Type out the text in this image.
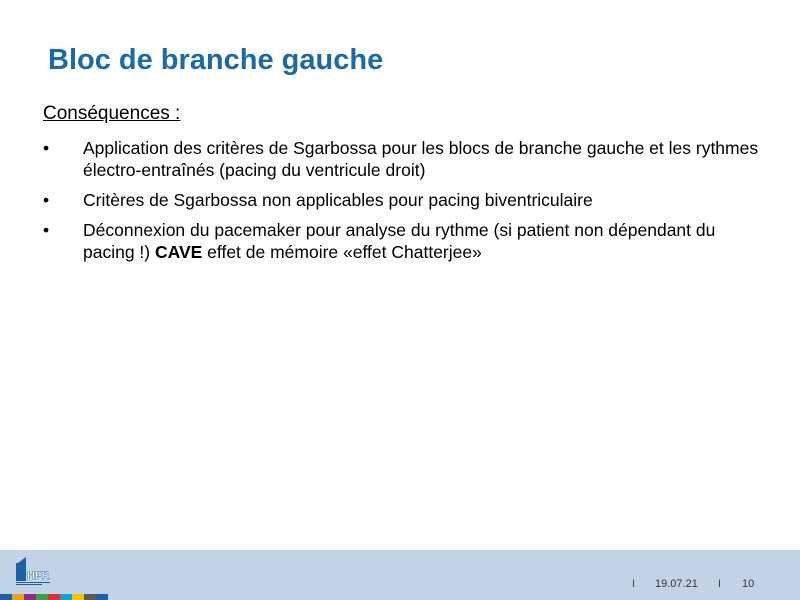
Bloc de branche gauche
Conséquences :
• Application des critères de Sgarbossa pour les blocs de branche gauche et les rythmes électro-entraînés (pacing du ventricule droit)
• Critères de Sgarbossa non applicables pour pacing biventriculaire
• Déconnexion du pacemaker pour analyse du rythme (si patient non dépendant du pacing !) CAVE effet de mémoire «effet Chatterjee»
HFR
I 19.07.21 I 10
